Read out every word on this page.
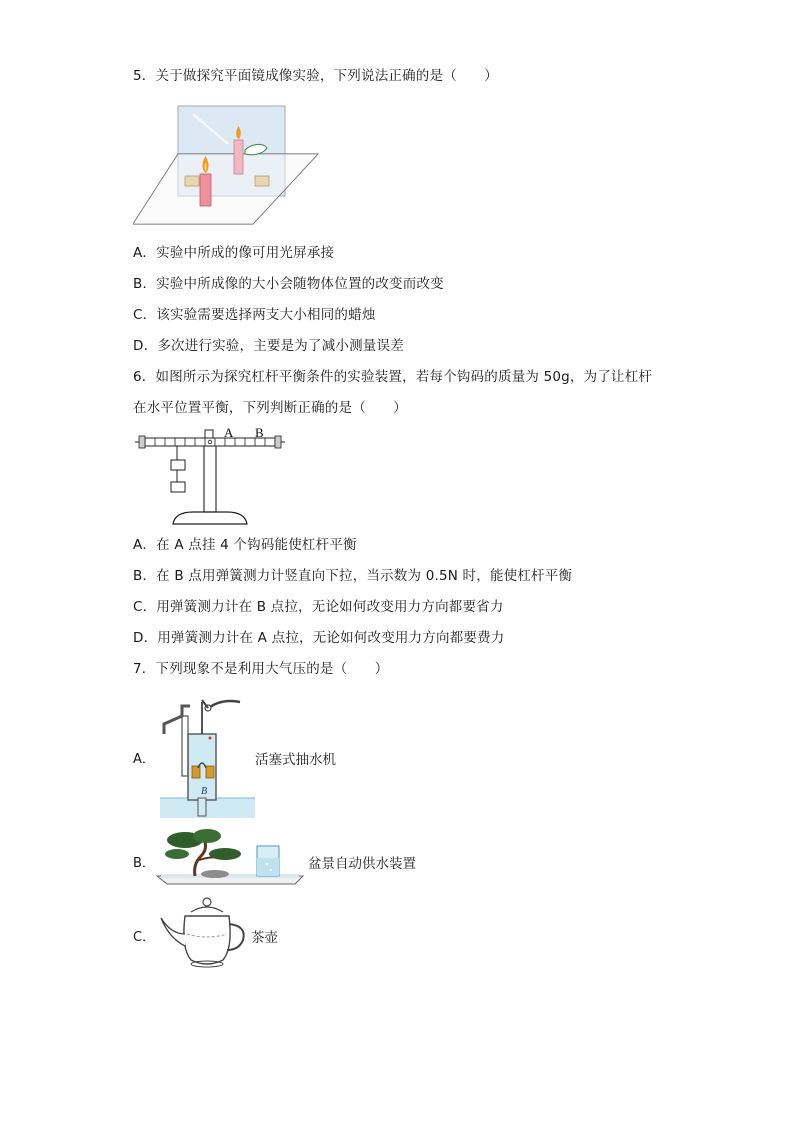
5．关于做探究平面镜成像实验，下列说法正确的是（　　）
A．实验中所成的像可用光屏承接
B．实验中所成像的大小会随物体位置的改变而改变
C．该实验需要选择两支大小相同的蜡烛
D．多次进行实验，主要是为了减小测量误差
6．如图所示为探究杠杆平衡条件的实验装置，若每个钩码的质量为 50g，为了让杠杆
在水平位置平衡，下列判断正确的是（　　）
A B
A．在 A 点挂 4 个钩码能使杠杆平衡
B．在 B 点用弹簧测力计竖直向下拉，当示数为 0.5N 时，能使杠杆平衡
C．用弹簧测力计在 B 点拉，无论如何改变用力方向都要省力
D．用弹簧测力计在 A 点拉，无论如何改变用力方向都要费力
7．下列现象不是利用大气压的是（　　）
A．
B
活塞式抽水机
B．	盆景自动供水装置
C．	茶壶
